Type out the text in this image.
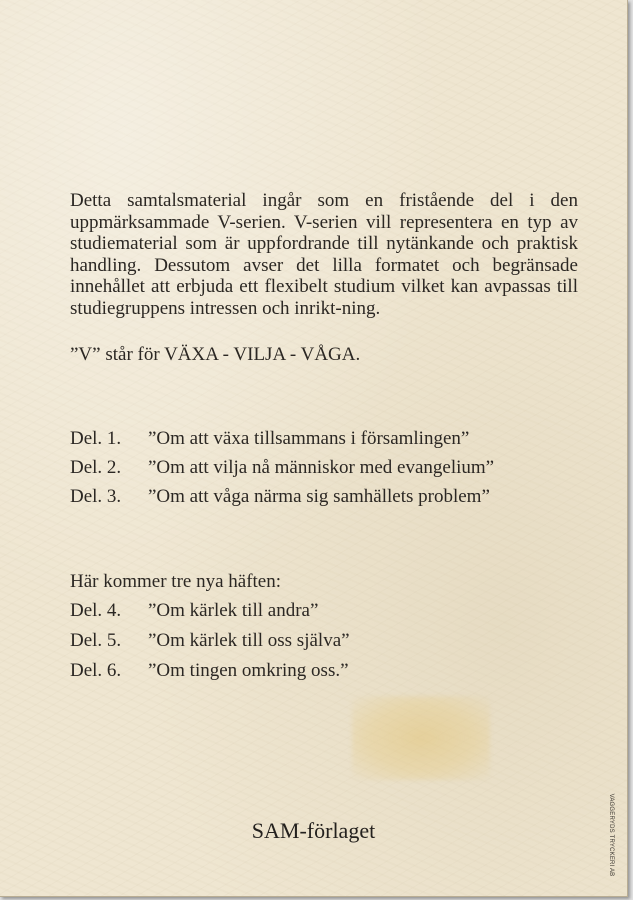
Detta samtalsmaterial ingår som en fristående del i den uppmärksammade V-serien. V-serien vill representera en typ av studiematerial som är uppfordrande till nytänkande och praktisk handling. Dessutom avser det lilla formatet och begränsade innehållet att erbjuda ett flexibelt studium vilket kan avpassas till studiegruppens intressen och inrikt-ning.

”V” står för VÄXA - VILJA - VÅGA.

Del. 1. ”Om att växa tillsammans i församlingen”
Del. 2. ”Om att vilja nå människor med evangelium”
Del. 3. ”Om att våga närma sig samhällets problem”

Här kommer tre nya häften:

Del. 4. ”Om kärlek till andra”
Del. 5. ”Om kärlek till oss själva”
Del. 6. ”Om tingen omkring oss.”
SAM-förlaget	VAGGERYDS TRYCKERI AB
